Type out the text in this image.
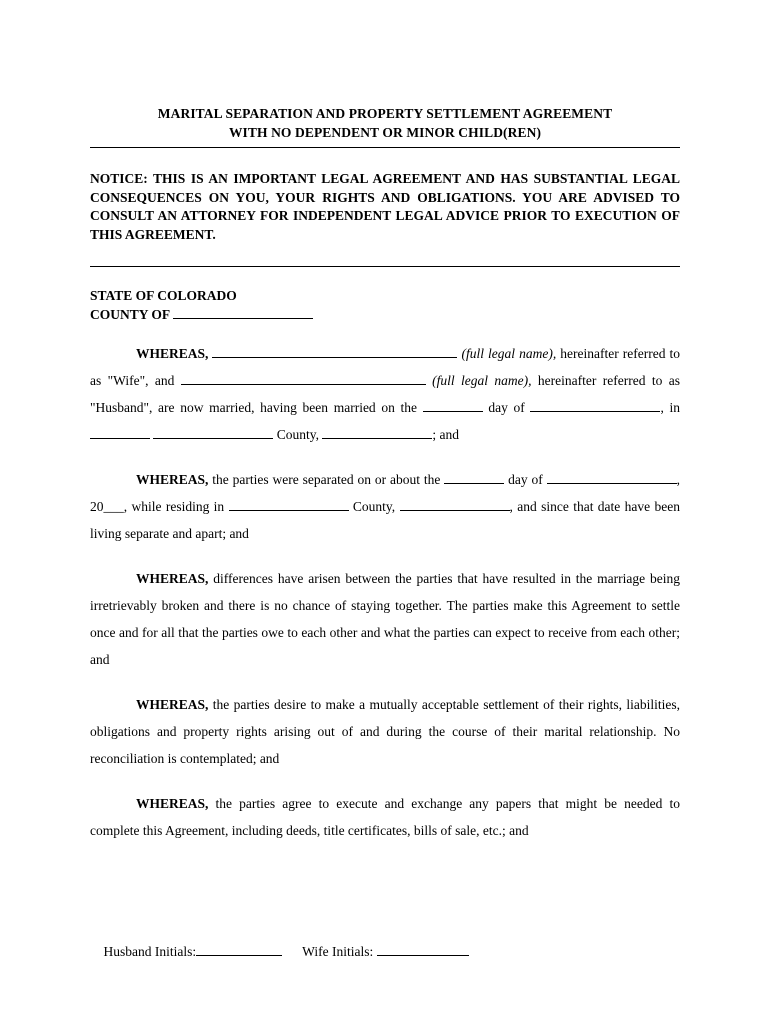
MARITAL SEPARATION AND PROPERTY SETTLEMENT AGREEMENT
WITH NO DEPENDENT OR MINOR CHILD(REN)
NOTICE: THIS IS AN IMPORTANT LEGAL AGREEMENT AND HAS SUBSTANTIAL LEGAL CONSEQUENCES ON YOU, YOUR RIGHTS AND OBLIGATIONS. YOU ARE ADVISED TO CONSULT AN ATTORNEY FOR INDEPENDENT LEGAL ADVICE PRIOR TO EXECUTION OF THIS AGREEMENT.
STATE OF COLORADO
COUNTY OF
WHEREAS,	(full legal name), hereinafter referred to as "Wife", and	(full legal name), hereinafter referred to as "Husband", are now married, having been married on the	day of	, in   County,	; and
WHEREAS, the parties were separated on or about the	day of	, 20___, while residing in	County,	, and since that date have been living separate and apart; and
WHEREAS, differences have arisen between the parties that have resulted in the marriage being irretrievably broken and there is no chance of staying together. The parties make this Agreement to settle once and for all that the parties owe to each other and what the parties can expect to receive from each other; and
WHEREAS, the parties desire to make a mutually acceptable settlement of their rights, liabilities, obligations and property rights arising out of and during the course of their marital relationship. No reconciliation is contemplated; and
WHEREAS, the parties agree to execute and exchange any papers that might be needed to complete this Agreement, including deeds, title certificates, bills of sale, etc.; and

Husband Initials:	Wife Initials:
